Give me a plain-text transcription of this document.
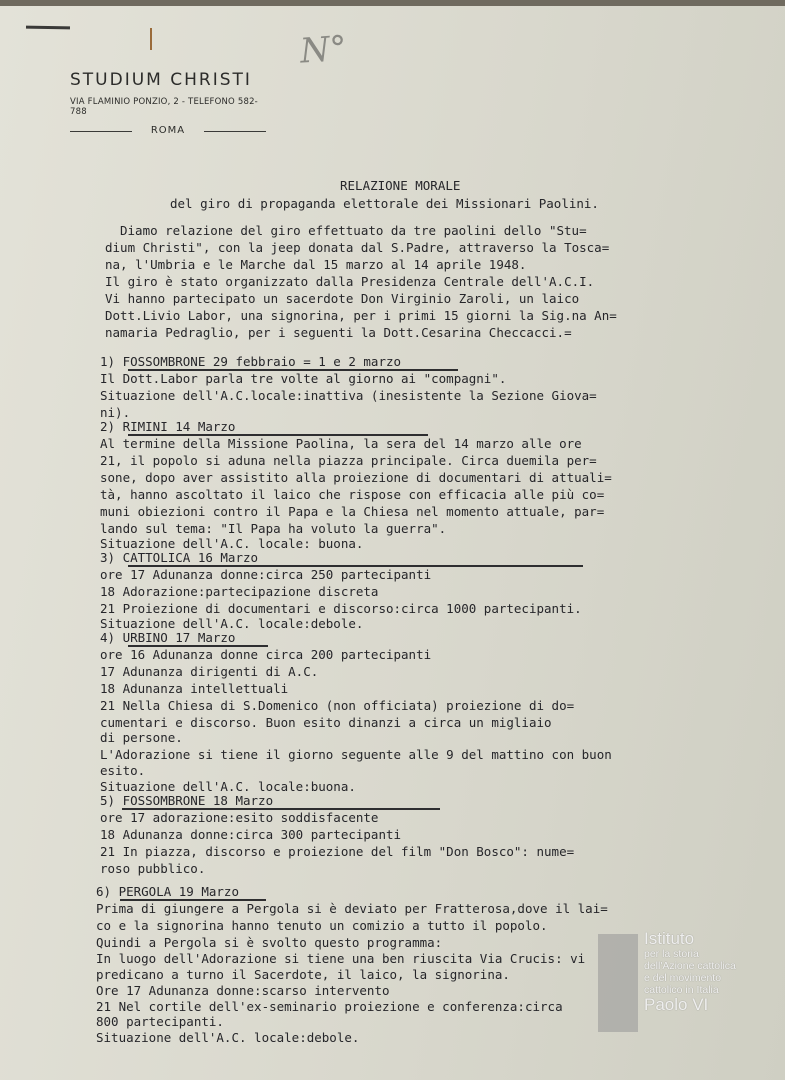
N°
STUDIUM CHRISTI
VIA FLAMINIO PONZIO, 2 - TELEFONO 582-788
ROMA
RELAZIONE MORALE
del giro di propaganda elettorale dei Missionari Paolini.
Diamo relazione del giro effettuato da tre paolini dello "Stu=
dium Christi", con la jeep donata dal S.Padre, attraverso la Tosca=
na, l'Umbria e le Marche dal 15 marzo al 14 aprile 1948.
Il giro è stato organizzato dalla Presidenza Centrale dell'A.C.I.
Vi hanno partecipato un sacerdote Don Virginio Zaroli, un laico
Dott.Livio Labor, una signorina, per i primi 15 giorni la Sig.na An=
namaria Pedraglio, per i seguenti la Dott.Cesarina Checcacci.=
1) FOSSOMBRONE 29 febbraio = 1 e 2 marzo
Il Dott.Labor parla tre volte al giorno ai "compagni".
Situazione dell'A.C.locale:inattiva (inesistente la Sezione Giova=
ni).
2) RIMINI 14 Marzo
Al termine della Missione Paolina, la sera del 14 marzo alle ore
21, il popolo si aduna nella piazza principale. Circa duemila per=
sone, dopo aver assistito alla proiezione di documentari di attuali=
tà, hanno ascoltato il laico che rispose con efficacia alle più co=
muni obiezioni contro il Papa e la Chiesa nel momento attuale, par=
lando sul tema: "Il Papa ha voluto la guerra".
Situazione dell'A.C. locale: buona.
3) CATTOLICA 16 Marzo
ore 17 Adunanza donne:circa 250 partecipanti
18 Adorazione:partecipazione discreta
21 Proiezione di documentari e discorso:circa 1000 partecipanti.
Situazione dell'A.C. locale:debole.
4) URBINO 17 Marzo
ore 16 Adunanza donne circa 200 partecipanti
17 Adunanza dirigenti di A.C.
18 Adunanza intellettuali
21 Nella Chiesa di S.Domenico (non officiata) proiezione di do=
cumentari e discorso. Buon esito dinanzi a circa un migliaio
di persone.
L'Adorazione si tiene il giorno seguente alle 9 del mattino con buon
esito.
Situazione dell'A.C. locale:buona.
5) FOSSOMBRONE 18 Marzo
ore 17 adorazione:esito soddisfacente
18 Adunanza donne:circa 300 partecipanti
21 In piazza, discorso e proiezione del film "Don Bosco": nume=
roso pubblico.
6) PERGOLA 19 Marzo
Prima di giungere a Pergola si è deviato per Fratterosa,dove il lai=
co e la signorina hanno tenuto un comizio a tutto il popolo.
Quindi a Pergola si è svolto questo programma:
In luogo dell'Adorazione si tiene una ben riuscita Via Crucis: vi
predicano a turno il Sacerdote, il laico, la signorina.
Ore 17 Adunanza donne:scarso intervento
21 Nel cortile dell'ex-seminario proiezione e conferenza:circa
800 partecipanti.
Situazione dell'A.C. locale:debole.
Istituto
per la storia
dell'Azione cattolica
e del movimento
cattolico in Italia
Paolo VI
